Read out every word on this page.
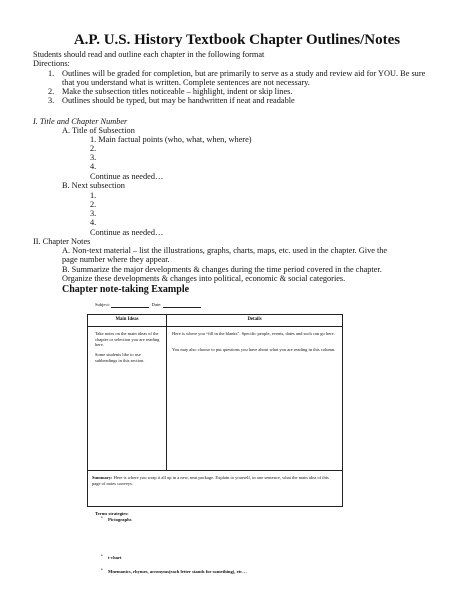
A.P. U.S. History Textbook Chapter Outlines/Notes
Students should read and outline each chapter in the following format
Directions:
1. Outlines will be graded for completion, but are primarily to serve as a study and review aid for YOU. Be sure
that you understand what is written. Complete sentences are not necessary.
2. Make the subsection titles noticeable – highlight, indent or skip lines.
3. Outlines should be typed, but may be handwritten if neat and readable
I. Title and Chapter Number
A. Title of Subsection
1. Main factual points (who, what, when, where)
2.
3.
4.
Continue as needed…
B. Next subsection
1.
2.
3.
4.
Continue as needed…
II. Chapter Notes
A. Non-text material – list the illustrations, graphs, charts, maps, etc. used in the chapter. Give the
page number where they appear.
B. Summarize the major developments & changes during the time period covered in the chapter.
Organize these developments & changes into political, economic & social categories.
Chapter note-taking Example
Subject:	Date:
Main Ideas	Details
Take notes on the main ideas of the chapter or selection you are reading here.
Some students like to use subheadings in this section.
Here is where you “fill in the blanks”. Specific people, events, dates and such can go here.
You may also choose to put questions you have about what you are reading in this column.
Summary: Here is where you wrap it all up in a new, neat package. Explain to yourself, in one sentence, what the main idea of this page of notes conveys.
Terms strategies:
• Pictographs
• t-chart
• Mnemonics, rhymes, acronyms(each letter stands for something), etc…
